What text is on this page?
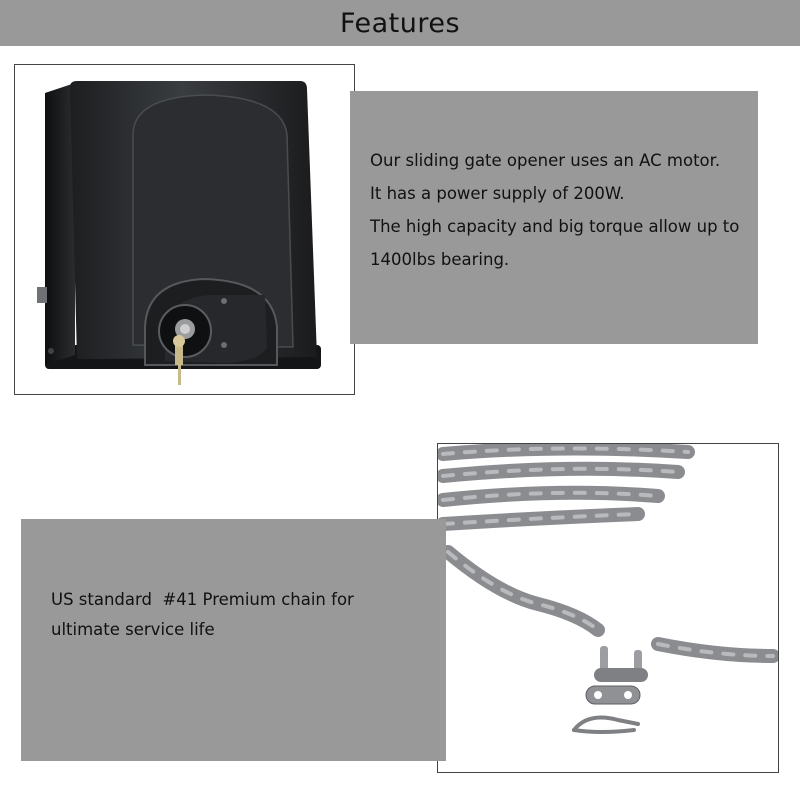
Features
Our sliding gate opener uses an AC motor.
It has a power supply of 200W.
The high capacity and big torque allow up to
1400lbs bearing.
US standard  #41 Premium chain for
ultimate service life
